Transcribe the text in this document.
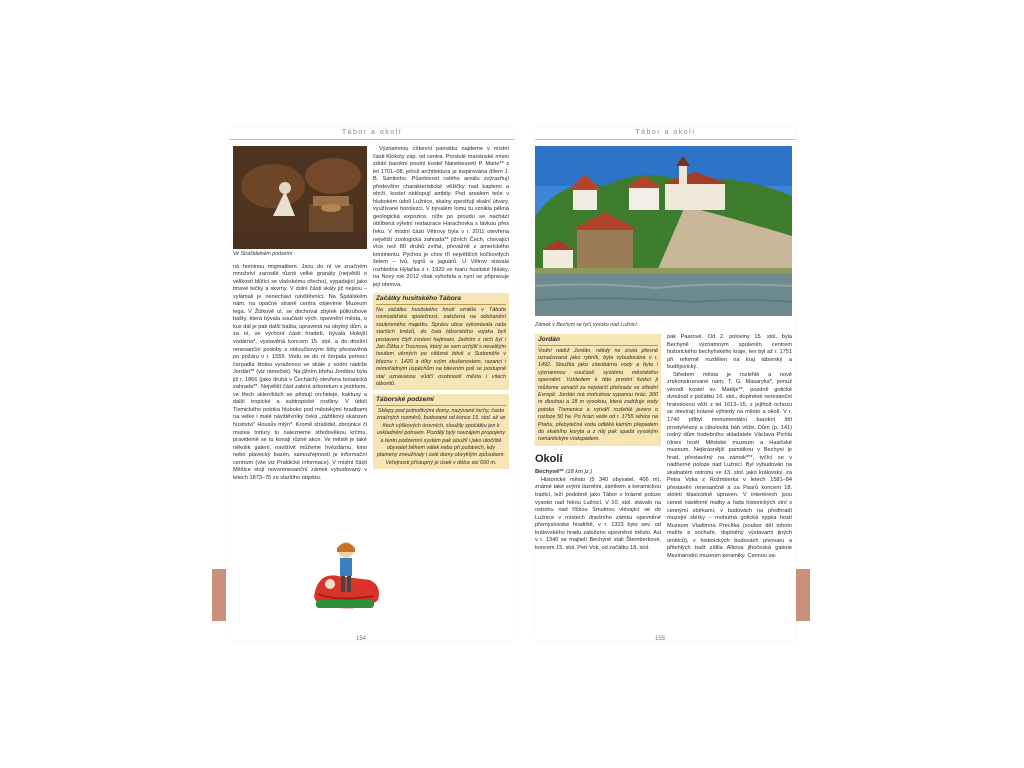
Tábor a okolí
Ve Strašidelném podzemí

ná hominou migmatitem. Jsou do ní ve značném množství zarostlé různé velké granáty (největší o velikosti blížící se vlašskému ořechu), vypadající jako tmavé tečky a skvrny. V dolní části skály již nejsou – vylámali je nenechaví návštěvníci. Na Špitálském nám. na opačné straně centra objevíme Muzeum lega. V Žižkově ul. se dochoval zbytek půlkruhové bašty, která bývala součástí vých. opevnění města, o kus dál je pak další bašta, upravená na obytný dům, a za ní, ve výchoní části hradeb, bývalá Holejší vodárna*, vystavěná koncem 15. stol. a do dnešní renesanční podoby s obloučkovými štíty přestavěná po požáru v r. 1559. Vodu se do ní čerpala pomocí čerpadla štolou vyraženou ve skále z vodní nádrže Jordán** (viz rámeček). Na jižním břehu Jordánu byla již r. 1866 (jako druhá v Čechách) otevřena botanická zahrada**. Největší část zabírá arboretum s jezírkem, ve třech skleníkách se pěstují orchideje, kaktusy a další tropické a subtropické rostliny. V údolí Tismického potoka hluboko pod městskými hradbami na velké i malé návštěvníky čeká „zážitkový skanzen husitství“ Housův mlýn*. Kromě strašidel, zbrojnice či muzea tortury tu nalezneme středověkou krčmu, pravidelně se tu konají různé akce. Ve městě je také několik galerií, navštívit můžeme hvězdárnu, kino nebo plavecký bazén, samozřejmostí je informační centrum (vše viz Praktické informace). V místní části Měšice stojí novorenesanční zámek vybudovaný v letech 1873–75 ze staršího objektu.

Významnou církevní památku najdeme v místní části Klokoty záp. od centra. Proslulé mariánské místo zdobí barokní poutní kostel Nanebevzetí P. Marie** z let 1701–08, jehož architektura je inspirována dílem J. B. Santiniho. Působivost celého areálu zvýrazňují především charakteristické věžičky nad kaplemi a ohrží, kostel obklopují ambity. Pod areálem teče v hlubokém údolí Lužnice, skalny zpestřují skalní útvary, využívané horolezci. V bývalém lomu tu vznikla pěkná geologická expozice, níže po proudu se nachází oblíbená výletní restaurace Harachovka s lávkou přes řeku. V místní části Větrovy byla v r. 2011 otevřena největší zoologická zahrada** jižních Čech, chovající více než 80 druhů zvířat, převážně z amerického kontinentu. Pýchou je chov tří největších kočkovitých šelem – lvů, tygrů a jaguárů. U Větrov stávala rozhledna Hýlačka z r. 1920 ve tvaru husitské hlásky, na Nový rok 2012 však vyhořela a nyní se připravuje její obnova.

Začátky husitského Tábora
Na začátku husitského hnutí vznikla v Táboře rovnostářská společnost, založená na odstranění soukromého majetku. Správu obce vykonávala rada starších knězů, do čela táborského vojska byli postaveni čtyři zvolení hejtmani. Jedním z nich byl i Jan Žižka z Trocnova, který se sem uchýlil s nevelkým houfem věrných po vítězné bitvě u Sudoměře v březnu r. 1420 a díky svým zkušenostem, razanci i mimořádným úspěchům na bitevním poli se postupně stal uznávanou vůdčí osobností města i všech táboritů.
Táborské podzemí
Sklepy pod jednotlivými domy, nazývané lochy, často značných rozměrů, budované od konce 15. stol. až ve třech výškových úrovních, sloužily zpočátku jen k uskladnění potravin. Později byly navzájem propojeny a tento podzemní systém pak sloužil i jako útočiště obyvatel během válek nebo při požárech, kdy plameny zneužívaly i celé domy obvyklým způsobem. Veřejnosti přístupný je úsek v délce asi 650 m.
154
Tábor a okolí
Zámek v Bechyni se tyčí vysoko nad Lužnicí
Jordán
Vodní nádrž Jordán, někdy ne zcela přesně označovaná jako rybník, byla vybudována v r. 1492. Sloužila jako zásobárna vody a byla i významnou součástí systému městského opevnění. Vzhledem k této prvotní funkci ji můžeme označit za nejstarší přehradu ve střední Evropě. Jordán má mohutnou sypanou hráz, 300 m dlouhou a 18 m vysokou, která zadržuje vody potoka Tismenice a vytváří rozlehlé jezero o rozloze 50 ha. Po hrázi vede od r. 1755 silnice na Prahu, přebytečná voda odtéká kamím přepadem do skalního koryta a z něj pak spadá vysokým romantickým vodopádem.
Okolí
Bechyně** (18 km jz.)

Historické město (5 340 obyvatel, 406 m), známé také svými lázněmi, zámkem a keramickou tradicí, leží podobně jako Tábor v krásné poloze vysoko nad řekou Lužnicí. V 10. stol. stávalo na ostrohu nad říčkou Smutnou vlévající se do Lužnice v místech dnešního zámku opevněné přemyslovské hradiště, v r. 1323 bylo sev. od královského hradu založeno opevněné město. Asi v r. 1340 se majitelí Bechyně stali Šternberkové, koncem 15. stol. Petr Vok, od začátku 18. stol.

pak Paarové. Od 2. poloviny 15. stol. byla Bechyně významným správním centrem historického bechyňského kraje, ten byl až r. 1751 při reformě rozdělen na kraj táborský a budějovický.

Středem města je rozlehlé a nově zrekonstruované nám. T. G. Masaryka*, jemuž vévodí kostel sv. Matěje**, pozdně gotické dvoulodí z počátku 16. stol., doplněné renesanční hranolovou věží z let 1613–15, z jejíhož ochozu se otevírají krásné výhledy na město a okolí. V r. 1740 přibyl monumentální barokní štít prostyřelaný a cibulovitá báň věže. Dům (p. 141) rodný dům hudebního skladatele Václava Pichla (dnes hostí Městské muzeum a Hasičské muzeum. Nejkrásnější památkou v Bechyni je hrad, přestavěný na zámek***, tyčící se v nádherné poloze nad Lužnicí. Byl vybudován na skalnatém ostrohu ve 13. stol. jako královský, za Petra Voka z Rožmberka v letech 1581–84 přestavěn renesančně a za Paarů koncem 18. století klasicistně upraven. V interiérech jsou cenné nástěnné malby a řada historických síní s cennými sbírkami, v budovách na předhradí muzejní sbírky – mohutná gotická sýpka hostí Muzeum Vladimíra Preclíka (soubor děl tohoto malíře a sochaře, doplněný výstavami jiných umělců), v historických budovách pivovaru a přilehlých bašt zídila Alšova jihočeská galerie Mezinárodní muzeum keramiky. Cennou sa-

155
